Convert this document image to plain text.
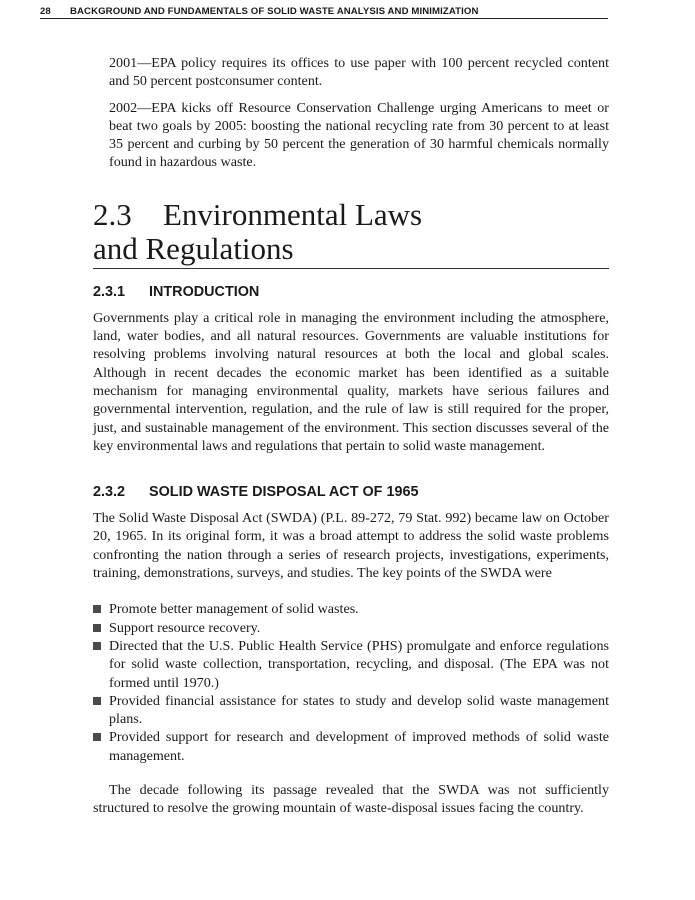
28 BACKGROUND AND FUNDAMENTALS OF SOLID WASTE ANALYSIS AND MINIMIZATION

2001—EPA policy requires its offices to use paper with 100 percent recycled content and 50 percent postconsumer content.

2002—EPA kicks off Resource Conservation Challenge urging Americans to meet or beat two goals by 2005: boosting the national recycling rate from 30 percent to at least 35 percent and curbing by 50 percent the generation of 30 harmful chemicals normally found in hazardous waste.

2.3 Environmental Laws
and Regulations
2.3.1 INTRODUCTION

Governments play a critical role in managing the environment including the atmosphere, land, water bodies, and all natural resources. Governments are valuable institutions for resolving problems involving natural resources at both the local and global scales. Although in recent decades the economic market has been identified as a suitable mechanism for managing environmental quality, markets have serious failures and governmental intervention, regulation, and the rule of law is still required for the proper, just, and sustainable management of the environment. This section discusses several of the key environmental laws and regulations that pertain to solid waste management.

2.3.2 SOLID WASTE DISPOSAL ACT OF 1965

The Solid Waste Disposal Act (SWDA) (P.L. 89-272, 79 Stat. 992) became law on October 20, 1965. In its original form, it was a broad attempt to address the solid waste problems confronting the nation through a series of research projects, investigations, experiments, training, demonstrations, surveys, and studies. The key points of the SWDA were

Promote better management of solid wastes.
Support resource recovery.
Directed that the U.S. Public Health Service (PHS) promulgate and enforce regulations for solid waste collection, transportation, recycling, and disposal. (The EPA was not formed until 1970.)
Provided financial assistance for states to study and develop solid waste management plans.
Provided support for research and development of improved methods of solid waste management.

The decade following its passage revealed that the SWDA was not sufficiently structured to resolve the growing mountain of waste-disposal issues facing the country.
